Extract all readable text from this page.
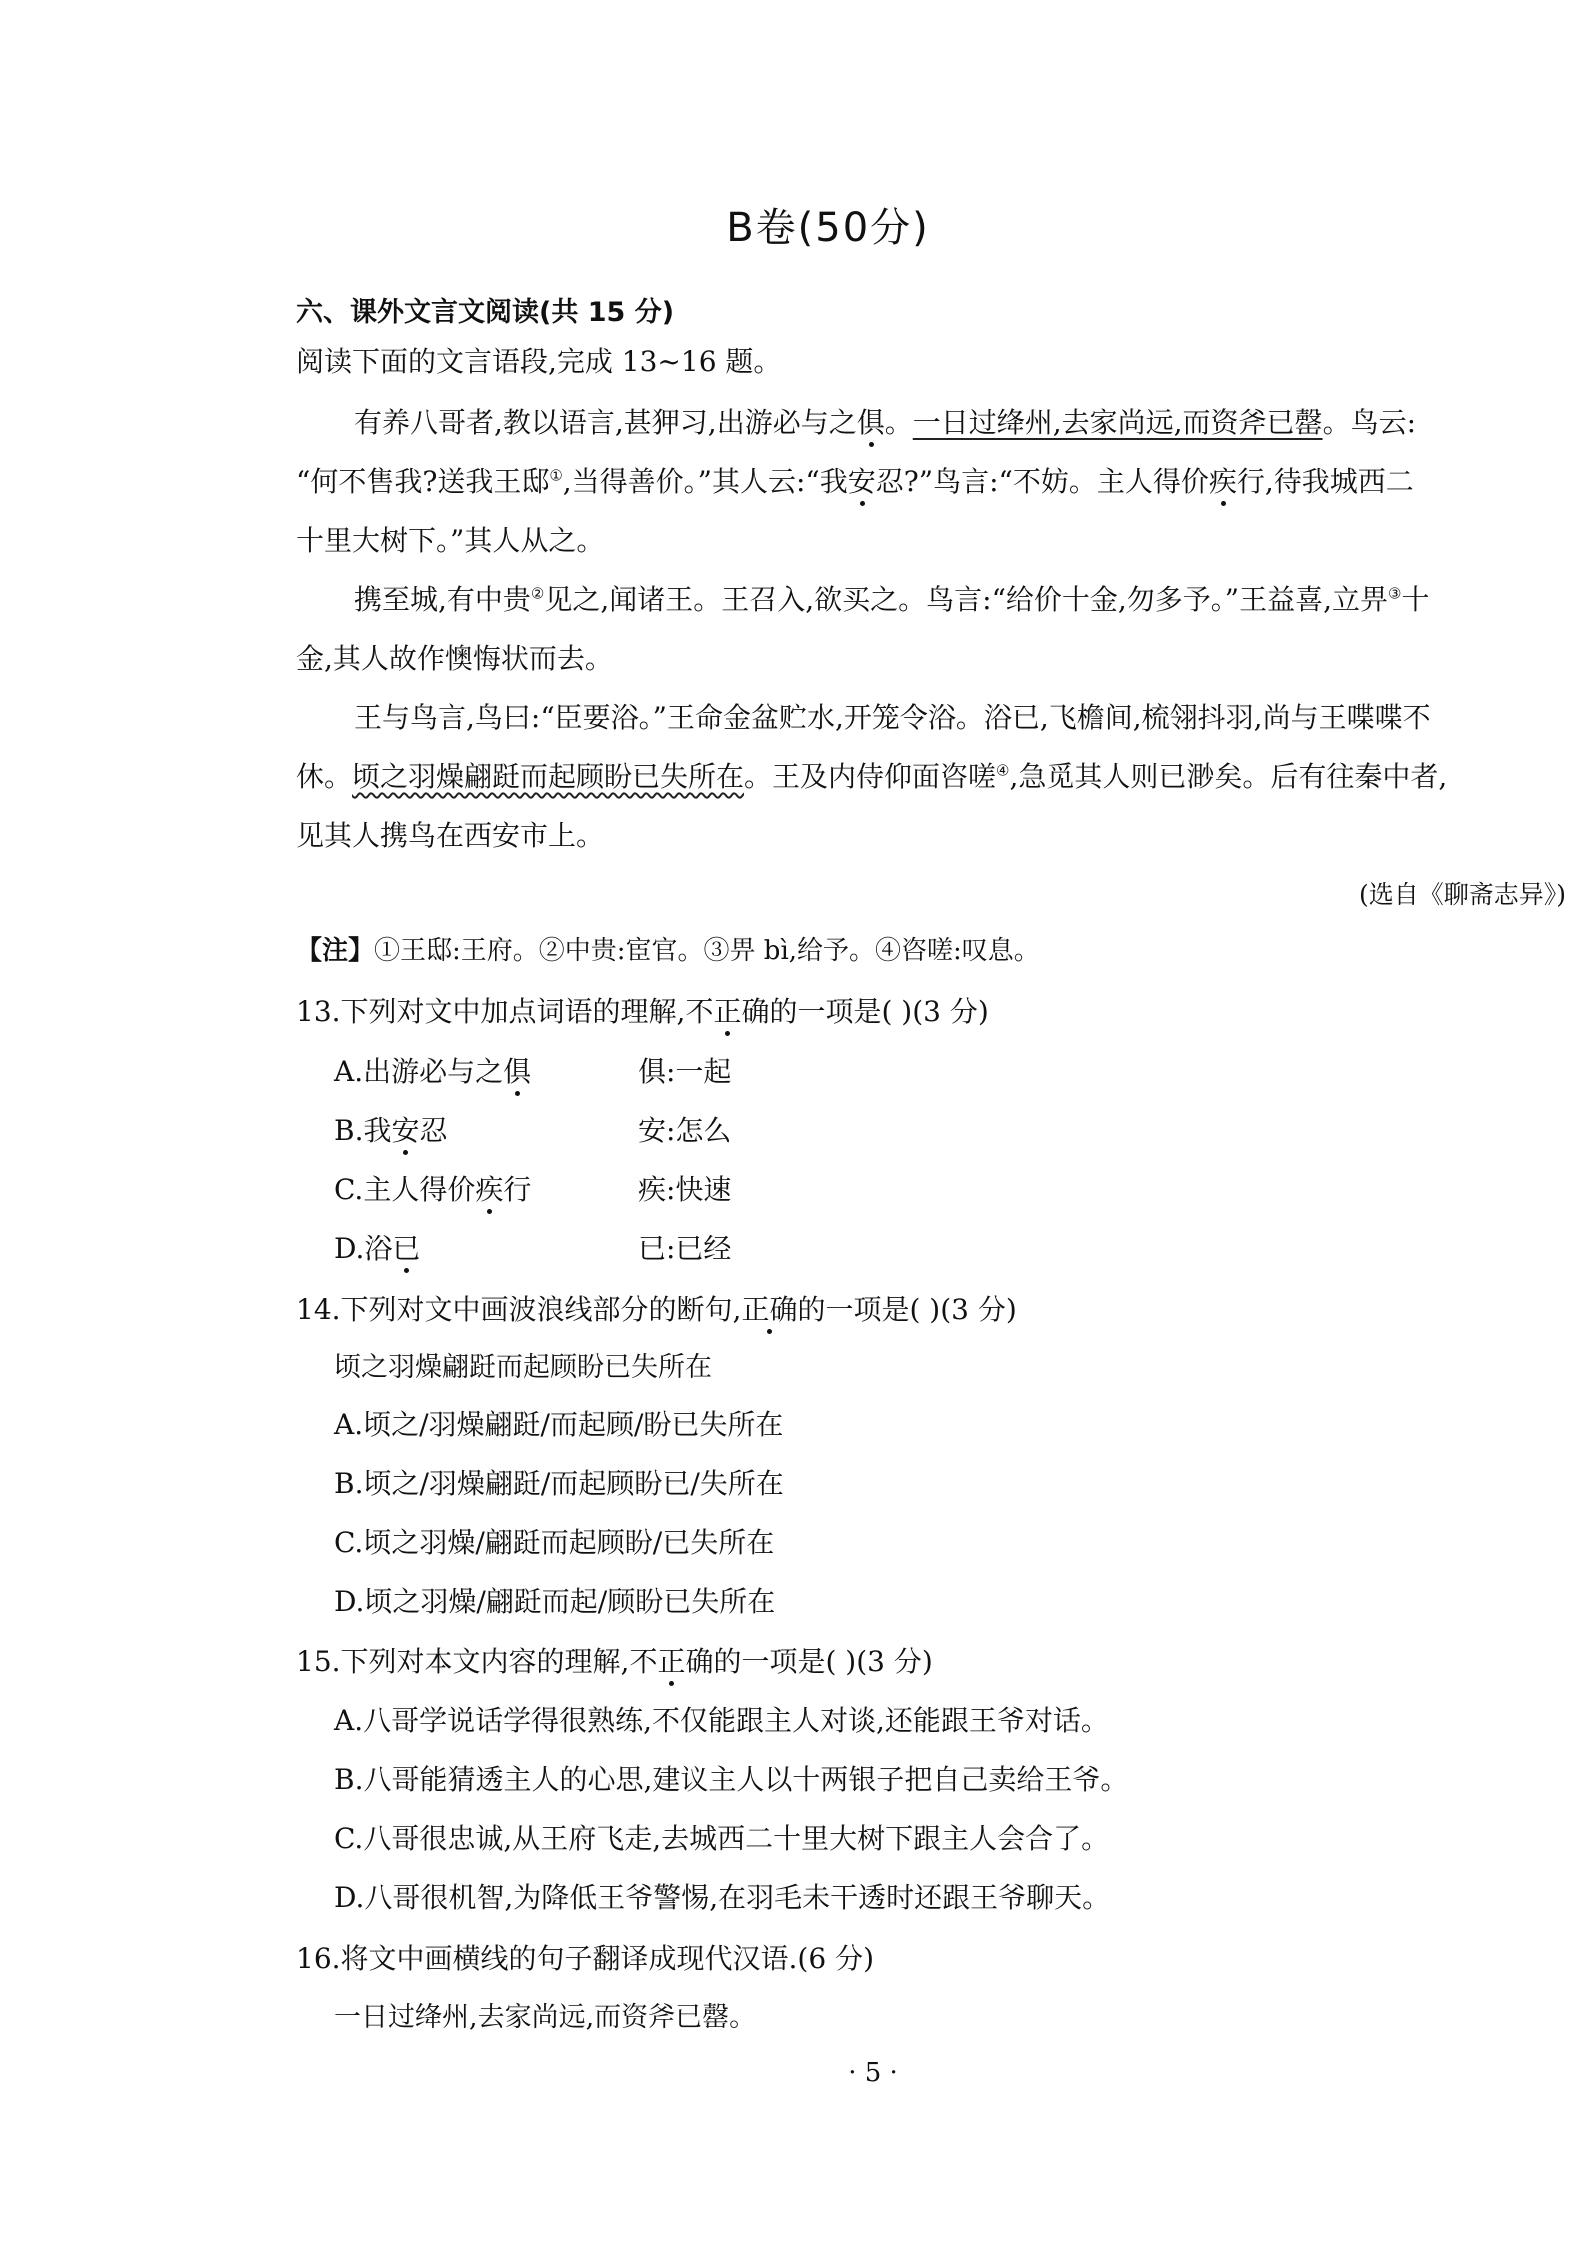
B卷(50分)
六、课外文言文阅读(共 15 分)
阅读下面的文言语段,完成 13~16 题。
有养八哥者,教以语言,甚狎习,出游必与之俱。一日过绛州,去家尚远,而资斧已罄。鸟云:
“何不售我?送我王邸①,当得善价。”其人云:“我安忍?”鸟言:“不妨。主人得价疾行,待我城西二
十里大树下。”其人从之。
携至城,有中贵②见之,闻诸王。王召入,欲买之。鸟言:“给价十金,勿多予。”王益喜,立畀③十
金,其人故作懊悔状而去。
王与鸟言,鸟曰:“臣要浴。”王命金盆贮水,开笼令浴。浴已,飞檐间,梳翎抖羽,尚与王喋喋不
休。顷之羽燥翩跹而起顾盼已失所在。王及内侍仰面咨嗟④,急觅其人则已渺矣。后有往秦中者,
见其人携鸟在西安市上。
(选自《聊斋志异》)
【注】①王邸:王府。②中贵:宦官。③畀 bì,给予。④咨嗟:叹息。
13.下列对文中加点词语的理解,不正确的一项是( )(3 分)
A.出游必与之俱	俱:一起
B.我安忍	安:怎么
C.主人得价疾行	疾:快速
D.浴已	已:已经
14.下列对文中画波浪线部分的断句,正确的一项是( )(3 分)
顷之羽燥翩跹而起顾盼已失所在
A.顷之/羽燥翩跹/而起顾/盼已失所在
B.顷之/羽燥翩跹/而起顾盼已/失所在
C.顷之羽燥/翩跹而起顾盼/已失所在
D.顷之羽燥/翩跹而起/顾盼已失所在
15.下列对本文内容的理解,不正确的一项是( )(3 分)
A.八哥学说话学得很熟练,不仅能跟主人对谈,还能跟王爷对话。
B.八哥能猜透主人的心思,建议主人以十两银子把自己卖给王爷。
C.八哥很忠诚,从王府飞走,去城西二十里大树下跟主人会合了。
D.八哥很机智,为降低王爷警惕,在羽毛未干透时还跟王爷聊天。
16.将文中画横线的句子翻译成现代汉语.(6 分)
一日过绛州,去家尚远,而资斧已罄。
· 5 ·
